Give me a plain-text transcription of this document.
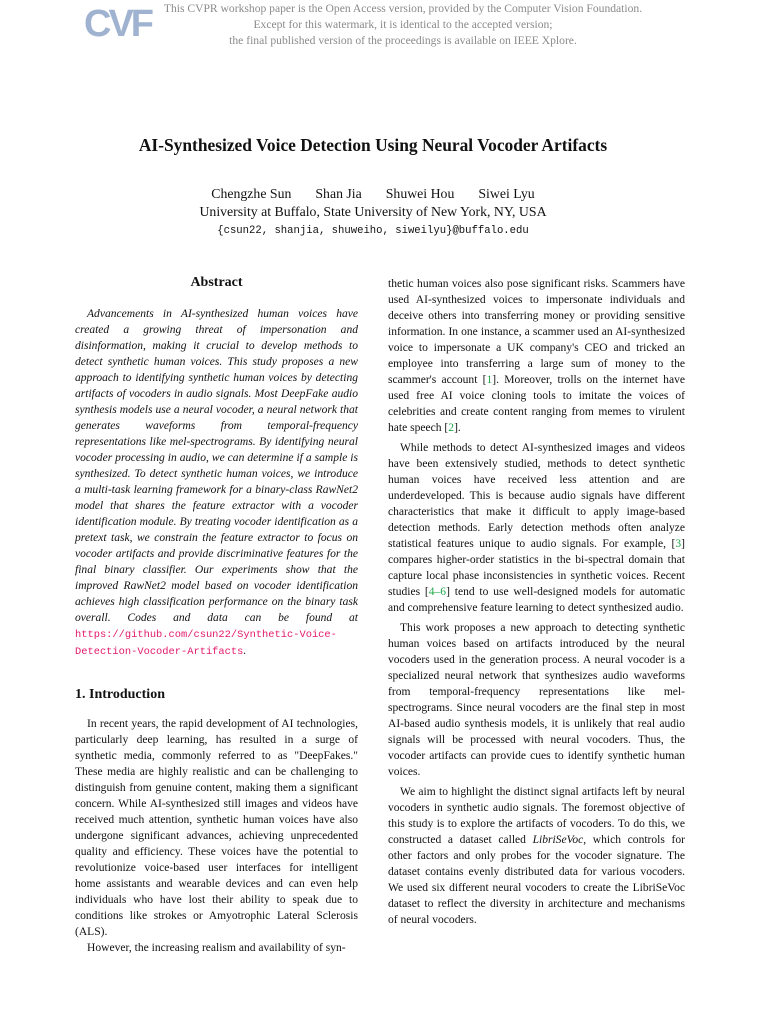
CVF	This CVPR workshop paper is the Open Access version, provided by the Computer Vision Foundation.
Except for this watermark, it is identical to the accepted version;
the final published version of the proceedings is available on IEEE Xplore.
AI-Synthesized Voice Detection Using Neural Vocoder Artifacts
Chengzhe Sun Shan Jia Shuwei Hou Siwei Lyu
University at Buffalo, State University of New York, NY, USA
{csun22, shanjia, shuweiho, siweilyu}@buffalo.edu
Abstract

Advancements in AI-synthesized human voices have created a growing threat of impersonation and disinformation, making it crucial to develop methods to detect synthetic human voices. This study proposes a new approach to identifying synthetic human voices by detecting artifacts of vocoders in audio signals. Most DeepFake audio synthesis models use a neural vocoder, a neural network that generates waveforms from temporal-frequency representations like mel-spectrograms. By identifying neural vocoder processing in audio, we can determine if a sample is synthesized. To detect synthetic human voices, we introduce a multi-task learning framework for a binary-class RawNet2 model that shares the feature extractor with a vocoder identification module. By treating vocoder identification as a pretext task, we constrain the feature extractor to focus on vocoder artifacts and provide discriminative features for the final binary classifier. Our experiments show that the improved RawNet2 model based on vocoder identification achieves high classification performance on the binary task overall. Codes and data can be found at https://github.com/csun22/Synthetic-Voice-Detection-Vocoder-Artifacts.

1. Introduction

In recent years, the rapid development of AI technologies, particularly deep learning, has resulted in a surge of synthetic media, commonly referred to as "DeepFakes." These media are highly realistic and can be challenging to distinguish from genuine content, making them a significant concern. While AI-synthesized still images and videos have received much attention, synthetic human voices have also undergone significant advances, achieving unprecedented quality and efficiency. These voices have the potential to revolutionize voice-based user interfaces for intelligent home assistants and wearable devices and can even help individuals who have lost their ability to speak due to conditions like strokes or Amyotrophic Lateral Sclerosis (ALS).

However, the increasing realism and availability of syn-

thetic human voices also pose significant risks. Scammers have used AI-synthesized voices to impersonate individuals and deceive others into transferring money or providing sensitive information. In one instance, a scammer used an AI-synthesized voice to impersonate a UK company's CEO and tricked an employee into transferring a large sum of money to the scammer's account [1]. Moreover, trolls on the internet have used free AI voice cloning tools to imitate the voices of celebrities and create content ranging from memes to virulent hate speech [2].

While methods to detect AI-synthesized images and videos have been extensively studied, methods to detect synthetic human voices have received less attention and are underdeveloped. This is because audio signals have different characteristics that make it difficult to apply image-based detection methods. Early detection methods often analyze statistical features unique to audio signals. For example, [3] compares higher-order statistics in the bi-spectral domain that capture local phase inconsistencies in synthetic voices. Recent studies [4–6] tend to use well-designed models for automatic and comprehensive feature learning to detect synthesized audio.

This work proposes a new approach to detecting synthetic human voices based on artifacts introduced by the neural vocoders used in the generation process. A neural vocoder is a specialized neural network that synthesizes audio waveforms from temporal-frequency representations like mel-spectrograms. Since neural vocoders are the final step in most AI-based audio synthesis models, it is unlikely that real audio signals will be processed with neural vocoders. Thus, the vocoder artifacts can provide cues to identify synthetic human voices.

We aim to highlight the distinct signal artifacts left by neural vocoders in synthetic audio signals. The foremost objective of this study is to explore the artifacts of vocoders. To do this, we constructed a dataset called LibriSeVoc, which controls for other factors and only probes for the vocoder signature. The dataset contains evenly distributed data for various vocoders. We used six different neural vocoders to create the LibriSeVoc dataset to reflect the diversity in architecture and mechanisms of neural vocoders.
